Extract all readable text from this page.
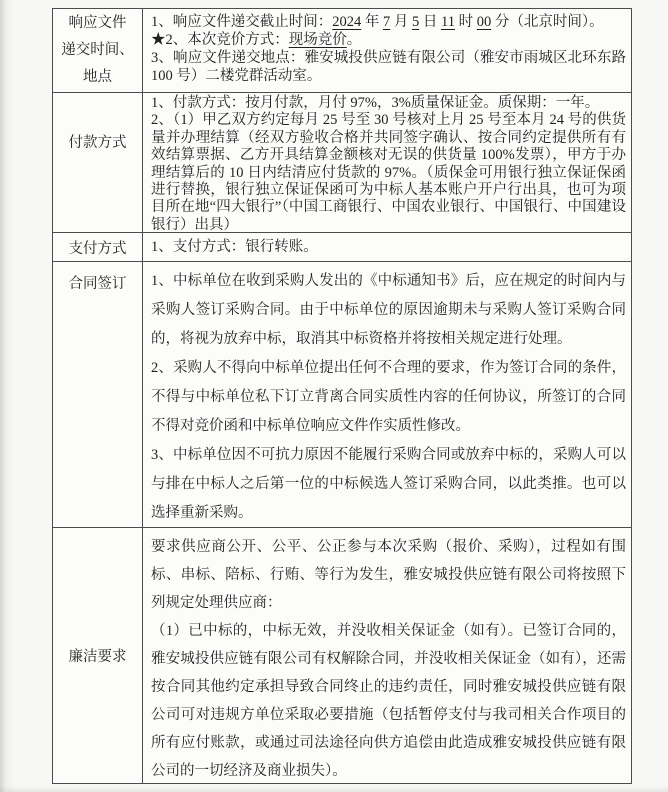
响应文件
递交时间、
地点

1、响应文件递交截止时间：2024 年 7 月 5 日 11 时 00 分（北京时间）。

★2、本次竞价方式：现场竞价。

3、响应文件递交地点：雅安城投供应链有限公司（雅安市雨城区北环东路 100 号）二楼党群活动室。

付款方式

1、付款方式：按月付款，月付 97%，3%质量保证金。质保期：一年。

2、（1）甲乙双方约定每月 25 号至 30 号核对上月 25 号至本月 24 号的供货量并办理结算（经双方验收合格并共同签字确认、按合同约定提供所有有效结算票据、乙方开具结算金额核对无误的供货量 100%发票），甲方于办理结算后的 10 日内结清应付货款的 97%。（质保金可用银行独立保证保函进行替换，银行独立保证保函可为中标人基本账户开户行出具，也可为项目所在地“四大银行”（中国工商银行、中国农业银行、中国银行、中国建设银行）出具）

支付方式 1、支付方式：银行转账。

合同签订 1、中标单位在收到采购人发出的《中标通知书》后，应在规定的时间内与采购人签订采购合同。由于中标单位的原因逾期未与采购人签订采购合同的，将视为放弃中标，取消其中标资格并将按相关规定进行处理。

2、采购人不得向中标单位提出任何不合理的要求，作为签订合同的条件，不得与中标单位私下订立背离合同实质性内容的任何协议，所签订的合同不得对竞价函和中标单位响应文件作实质性修改。

3、中标单位因不可抗力原因不能履行采购合同或放弃中标的，采购人可以与排在中标人之后第一位的中标候选人签订采购合同，以此类推。也可以选择重新采购。

廉洁要求

要求供应商公开、公平、公正参与本次采购（报价、采购），过程如有围标、串标、陪标、行贿、等行为发生，雅安城投供应链有限公司将按照下列规定处理供应商：

（1）已中标的，中标无效，并没收相关保证金（如有）。已签订合同的，雅安城投供应链有限公司有权解除合同，并没收相关保证金（如有），还需按合同其他约定承担导致合同终止的违约责任，同时雅安城投供应链有限公司可对违规方单位采取必要措施（包括暂停支付与我司相关合作项目的所有应付账款，或通过司法途径向供方追偿由此造成雅安城投供应链有限公司的一切经济及商业损失）。
